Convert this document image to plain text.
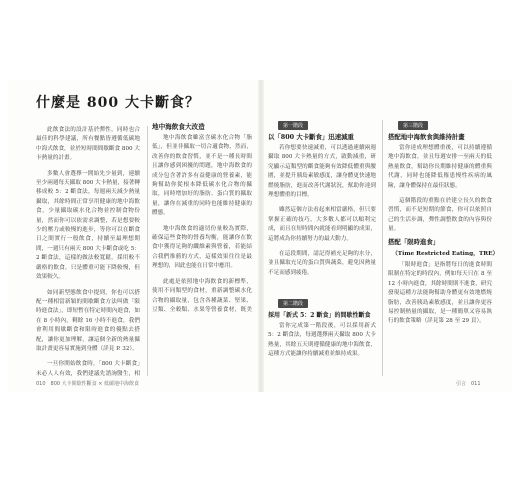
什麼是 800 大卡斷食？

此飲食法的設計基於彈性，同時也合最佳的科學建議，所有餐點皆遵循低碳地中海式飲食，並於短時間間歇斷食 800 大卡熱量的計畫。

多數人會選擇一開始先少量到，連續至少兩週每天攝取 800 大卡熱量，接著轉移成較 5：2 斷食法，每週兩天減少熱量攝取，其餘時間正常享用健康的地中海飲食，少量攝取碳水化合物並控制食物份量，然而你可以依需求調整，若是想要較少的壓力或較慢的進步，等你可以在斷食日之間實行一般飲食，持續至最理想期間，一週只有兩天 800 大卡斷食或吃 5：2 斷食法，這樣的做法較寬鬆，採用較不嚴格的飲食，只是體重可能下降較慢，但效果較久。

如同新型態飲食中提到，你也可以搭配一種相當新穎的間歇斷食方法叫做「限時進食法」，即短暫在特定時間內進食，如在 8 小時內，剩餘 16 小時不進食，我們會利用間歇斷食和限時進食的優點去搭配，讓你更加理解，讓這個全新的熱量攝取計畫更容易實施到身體（詳見 P. 32）。

一旦你開始飲食時，「800 大卡斷食」未必人人有效，我們建議先諮詢醫生，相

地中海飲食大改造

地中海飲食雖富含碳水化合物「脂低」，但並非攝取一切合適食物，然而，改善你的飲食習慣，並不是一種長時間且讓你感到困擾的問題，地中海飲食的成分包含著許多有益健康的營養素，能夠幫助你從根本降低碳水化合物的攝取，同時增加好的脂肪、蛋白質的攝取量，讓你在減重的同時也能維持健康的體態。

地中海飲食的適切份量較為實際，確保這些食物的營養均衡，能讓你在飲食中獲得足夠的纖維素與營養，若能結合我們推薦的方式，這樣效果往往是最理想的，因此也能在日常中應用。

此處是依照地中海飲食的新標準，使用不同類型的食材，重新調整碳水化合物的攝取量，包含各種蔬菜、堅果、豆類、全穀類、水果等營養食材，既美

第一階段
以「800 大卡斷食」迅速減重

若你想要快速減重，可以透過連續兩週攝取 800 大卡熱量的方式，啟動減重，研究顯示這類型的斷食能夠有效降低體重與腰圍，並提升胰島素敏感度，讓身體更快速地燃燒脂肪，進而改善代謝狀況，幫助你達到理想體重的目標。

雖然這個方法看起來相當嚴格，但只要掌握正確的技巧，大多數人都可以順利完成，而且在短時間內就能看到明顯的成果，這將成為你持續努力的最大動力。

在這段期間，請記得補充足夠的水分，並且攝取充足的蛋白質與蔬菜，避免因熱量不足而感到疲倦。

第二階段
採用「新式 5：2 斷食」的間歇性斷食

當你完成第一階段後，可以採用新式 5：2 斷食法，每週選擇兩天攝取 800 大卡熱量，其餘五天則遵循健康的地中海飲食，這種方式能讓你持續減重並維持成果。

第三階段
搭配地中海飲食與維持計畫

當你達成理想體重後，可以持續遵循地中海飲食，並且每週安排一至兩天的低熱量飲食，幫助你長期維持健康的體重與代謝，同時也能降低罹患慢性疾病的風險，讓身體保持在最佳狀態。

這個階段的重點在於建立長久的飲食習慣，而不是短期的節食，你可以依照自己的生活步調，彈性調整飲食的內容與份量。

搭配「限時進食」
（Time Restricted Eating，TRE）

「限時進食」是指將每日的進食時間限制在特定的時段內，例如每天只在 8 至 12 小時內進食，其餘時間則不進食，研究發現這種方法能夠幫助身體更有效地燃燒脂肪，改善胰島素敏感度，並且讓你更容易控制熱量的攝取，是一種簡單又容易執行的飲食策略（詳見第 28 至 29 頁）。

010　800 大卡間歇性斷食 × 低碳地中海飲食	引言　011
